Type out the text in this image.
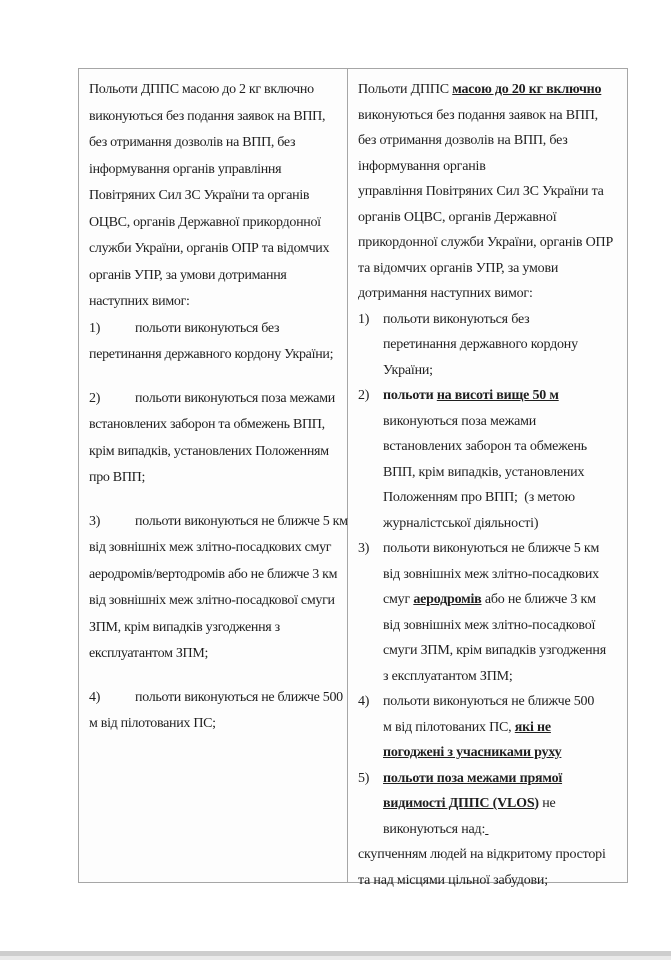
Польоти ДППС масою до 2 кг включно
виконуються без подання заявок на ВПП,
без отримання дозволів на ВПП, без
інформування органів управління
Повітряних Сил ЗС України та органів
ОЦВС, органів Державної прикордонної
служби України, органів ОПР та відомчих
органів УПР, за умови дотримання
наступних вимог:
1) польоти виконуються без
перетинання державного кордону України;
2) польоти виконуються поза межами
встановлених заборон та обмежень ВПП,
крім випадків, установлених Положенням
про ВПП;
3) польоти виконуються не ближче 5 км
від зовнішніх меж злітно-посадкових смуг
аеродромів/вертодромів або не ближче 3 км
від зовнішніх меж злітно-посадкової смуги
ЗПМ, крім випадків узгодження з
експлуатантом ЗПМ;
4) польоти виконуються не ближче 500
м від пілотованих ПС;
Польоти ДППС масою до 20 кг включно
виконуються без подання заявок на ВПП,
без отримання дозволів на ВПП, без
інформування органів
управління Повітряних Сил ЗС України та
органів ОЦВС, органів Державної
прикордонної служби України, органів ОПР
та відомчих органів УПР, за умови
дотримання наступних вимог:
1) польоти виконуються без
перетинання державного кордону
України;
2) польоти на висоті вище 50 м
виконуються поза межами
встановлених заборон та обмежень
ВПП, крім випадків, установлених
Положенням про ВПП;  (з метою
журналістської діяльності)
3) польоти виконуються не ближче 5 км
від зовнішніх меж злітно-посадкових
смуг аеродромів або не ближче 3 км
від зовнішніх меж злітно-посадкової
смуги ЗПМ, крім випадків узгодження
з експлуатантом ЗПМ;
4) польоти виконуються не ближче 500
м від пілотованих ПС, які не
погоджені з учасниками руху
5) польоти поза межами прямої
видимості ДППС (VLOS) не
виконуються над:
скупченням людей на відкритому просторі
та над місцями цільної забудови;
